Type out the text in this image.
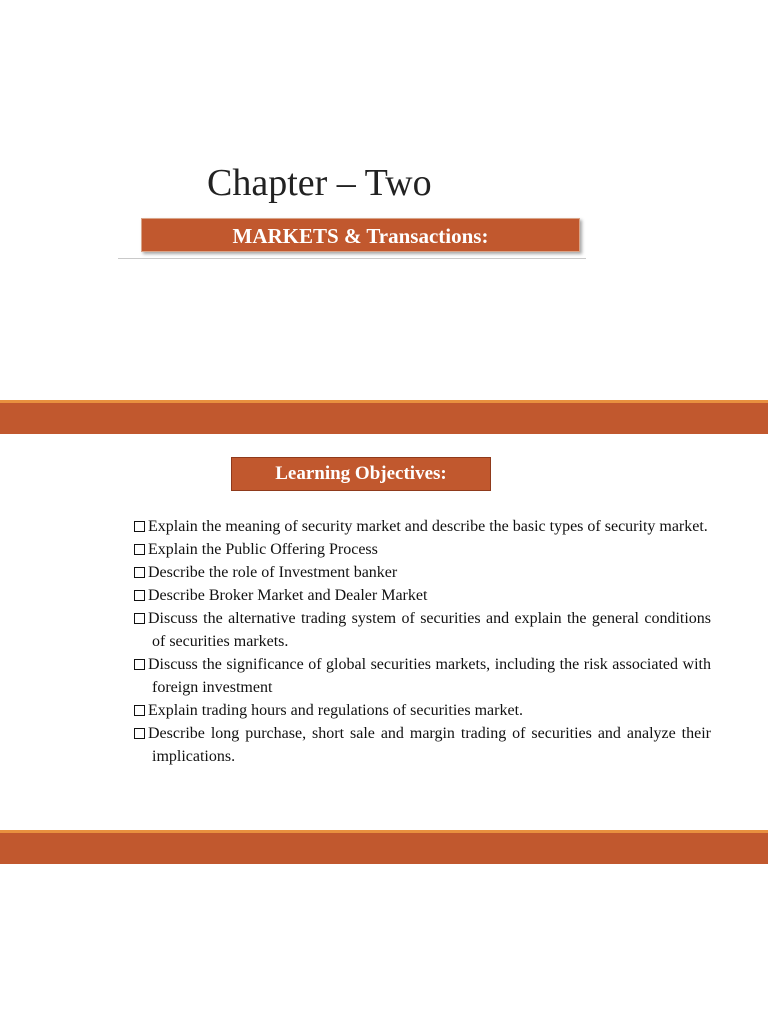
Chapter – Two
MARKETS & Transactions:
Learning Objectives:
Explain the meaning of security market and describe the basic types of security market.
Explain the Public Offering Process
Describe the role of Investment banker
Describe Broker Market and Dealer Market
Discuss the alternative trading system of securities and explain the general conditions of securities markets.
Discuss the significance of global securities markets, including the risk associated with foreign investment
Explain trading hours and regulations of securities market.
Describe long purchase, short sale and margin trading of securities and analyze their implications.
